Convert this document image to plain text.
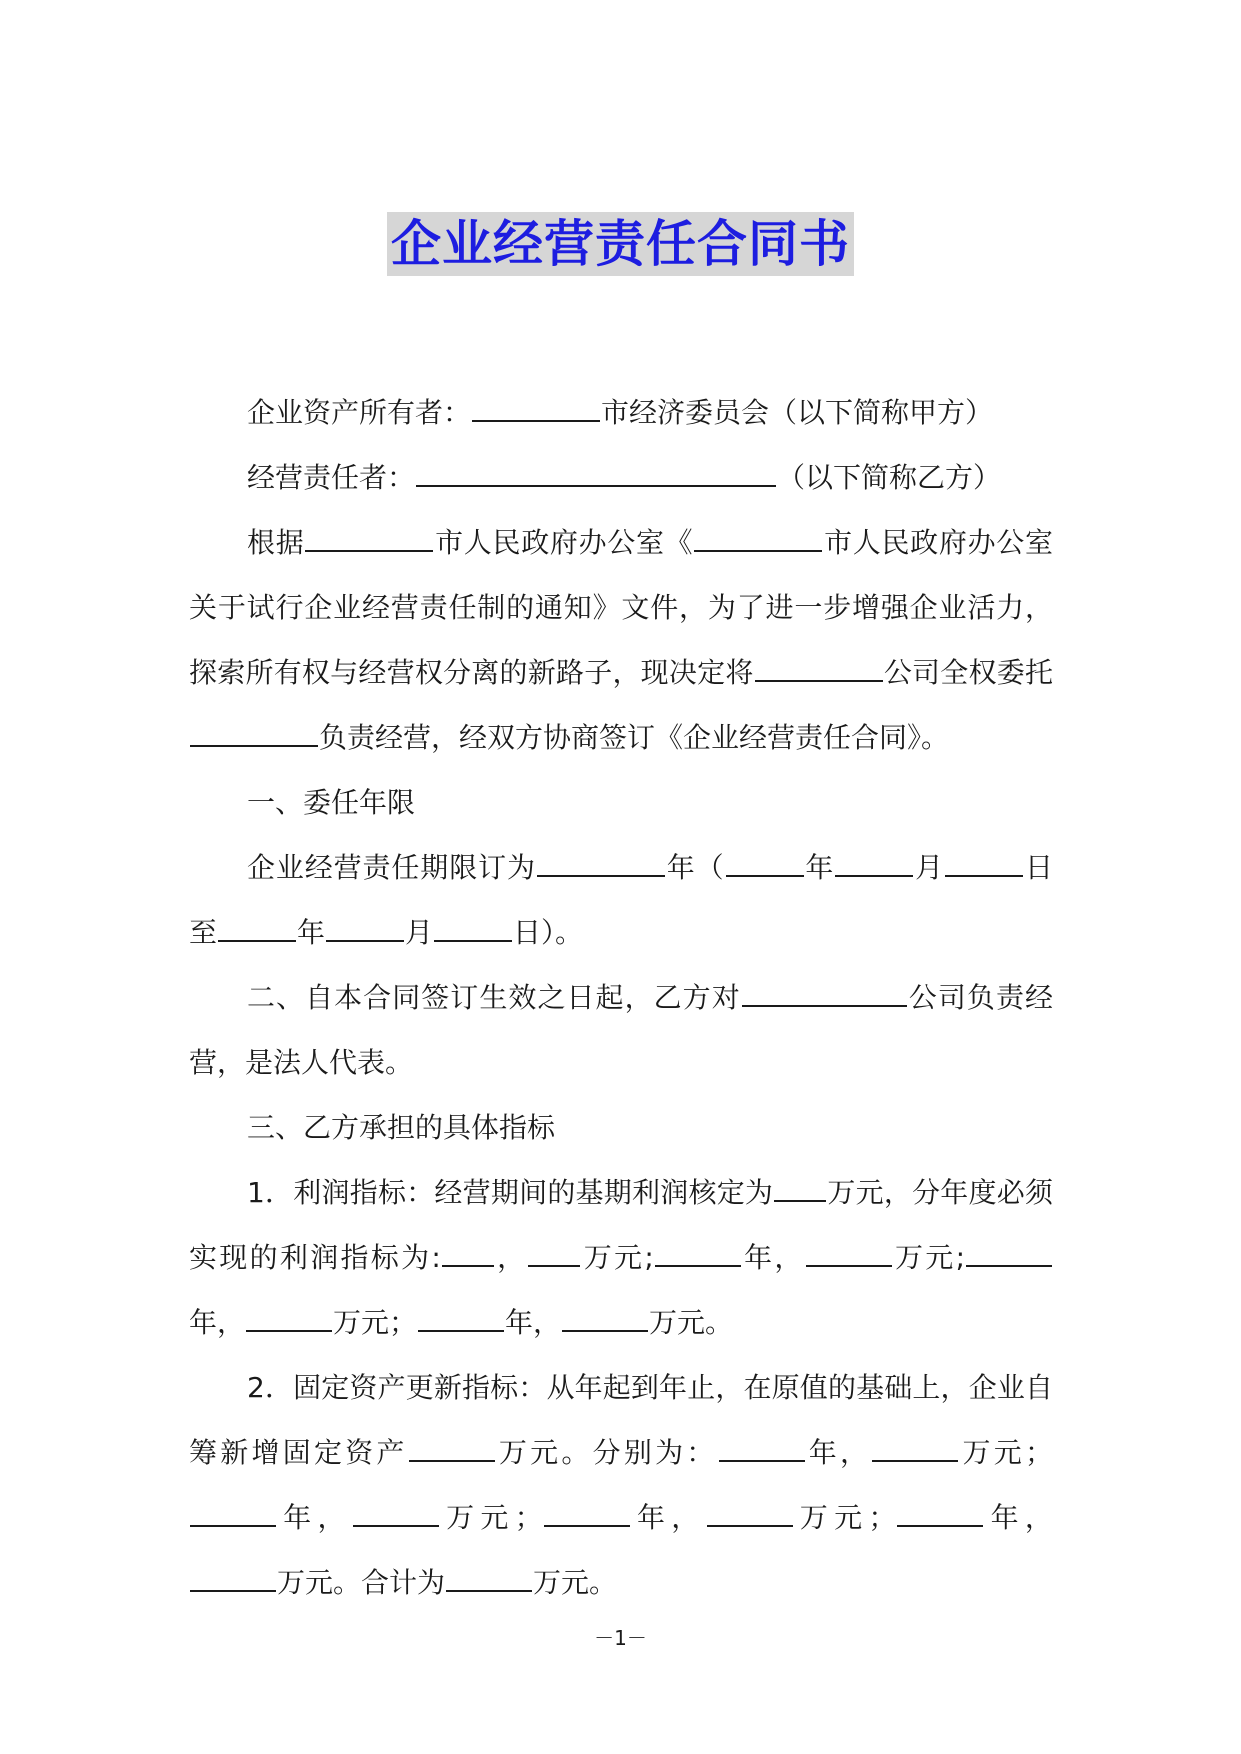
企业经营责任合同书

企业资产所有者：	市经济委员会（以下简称甲方）

经营责任者：	（以下简称乙方）

根据	市人民政府办公室《	市人民政府办公室关于试行企业经营责任制的通知》文件，为了进一步增强企业活力，探索所有权与经营权分离的新路子，现决定将	公司全权委托负责经营，经双方协商签订《企业经营责任合同》。

一、委任年限

企业经营责任期限订为	年（	年	月	日至	年	月	日）。

二、自本合同签订生效之日起，乙方对	公司负责经营，是法人代表。

三、乙方承担的具体指标

1．利润指标：经营期间的基期利润核定为 万元，分年度必须实现的利润指标为: ， 万元;	年，	万元;年，	万元；	年，	万元。

2．固定资产更新指标：从年起到年止，在原值的基础上，企业自筹新增固定资产	万元。分别为：	年，	万元；年，	万元；	年，	万元；	年，万元。合计为	万元。

－1－
